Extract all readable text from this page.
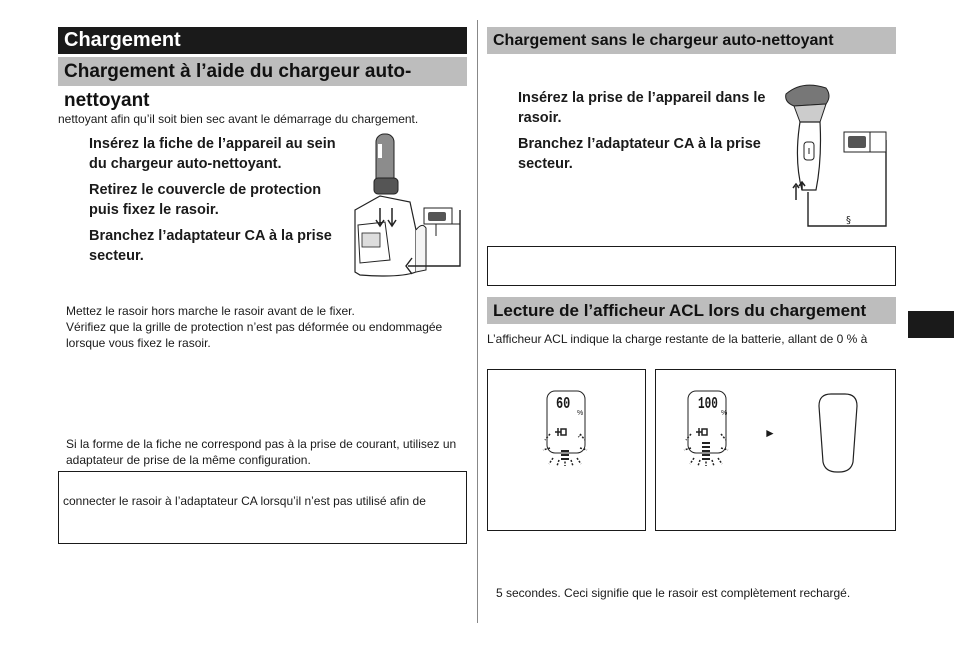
Chargement
Chargement à l’aide du chargeur auto-nettoyant
nettoyant afin qu’il soit bien sec avant le démarrage du chargement.
Insérez la fiche de l’appareil au sein du chargeur auto-nettoyant.
Retirez le couvercle de protection puis fixez le rasoir.
Branchez l’adaptateur CA à la prise secteur.
Mettez le rasoir hors marche le rasoir avant de le fixer.
Vérifiez que la grille de protection n’est pas déformée ou endommagée lorsque vous fixez le rasoir.
Si la forme de la fiche ne correspond pas à la prise de courant, utilisez un adaptateur de prise de la même configuration.
connecter le rasoir à l’adaptateur CA lorsqu’il n’est pas utilisé afin de
Chargement sans le chargeur auto-nettoyant
Insérez la prise de l’appareil dans le rasoir.
Branchez l’adaptateur CA à la prise secteur.
§
Lecture de l’afficheur ACL lors du chargement
L’afficheur ACL indique la charge restante de la batterie, allant de 0 % à
✓
60 %	100 %
►
5 secondes. Ceci signifie que le rasoir est complètement rechargé.
